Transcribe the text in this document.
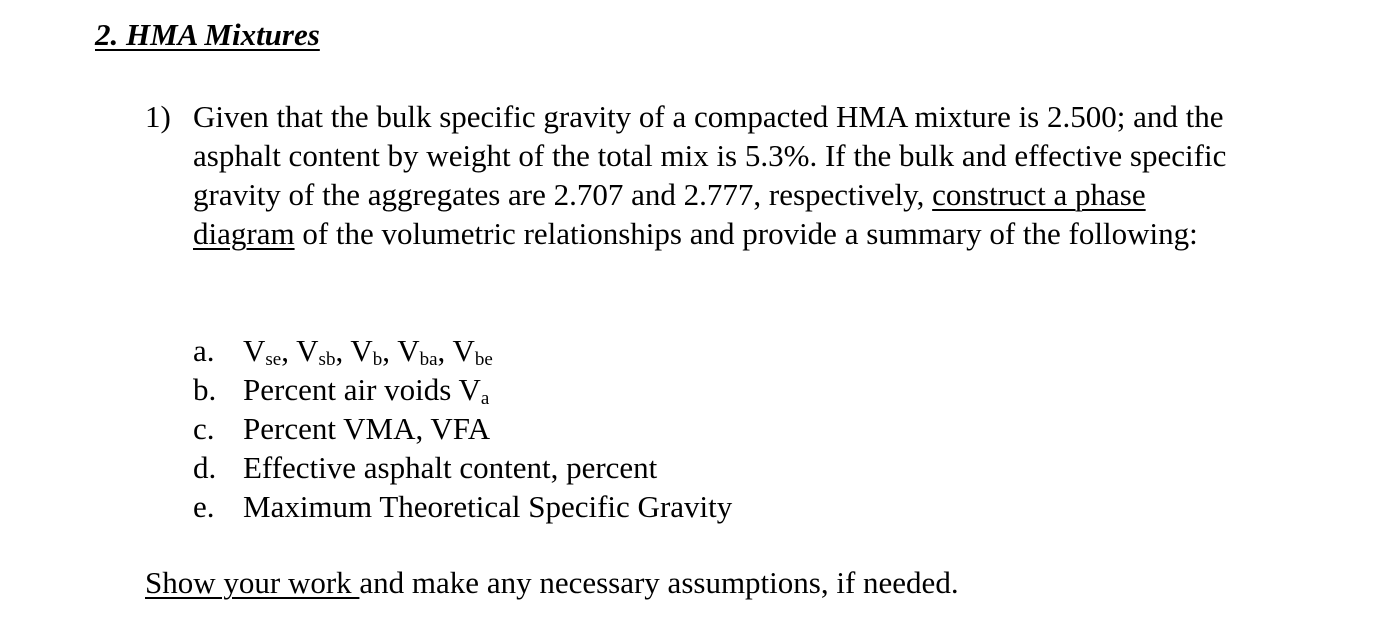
2. HMA Mixtures
1) Given that the bulk specific gravity of a compacted HMA mixture is 2.500; and the asphalt content by weight of the total mix is 5.3%. If the bulk and effective specific gravity of the aggregates are 2.707 and 2.777, respectively, construct a phase diagram of the volumetric relationships and provide a summary of the following:
a. $V_{se}$, $V_{sb}$, $V_b$, $V_{ba}$, $V_{be}$
b. Percent air voids $V_a$
c. Percent VMA, VFA
d. Effective asphalt content, percent
e. Maximum Theoretical Specific Gravity
Show your work and make any necessary assumptions, if needed.
